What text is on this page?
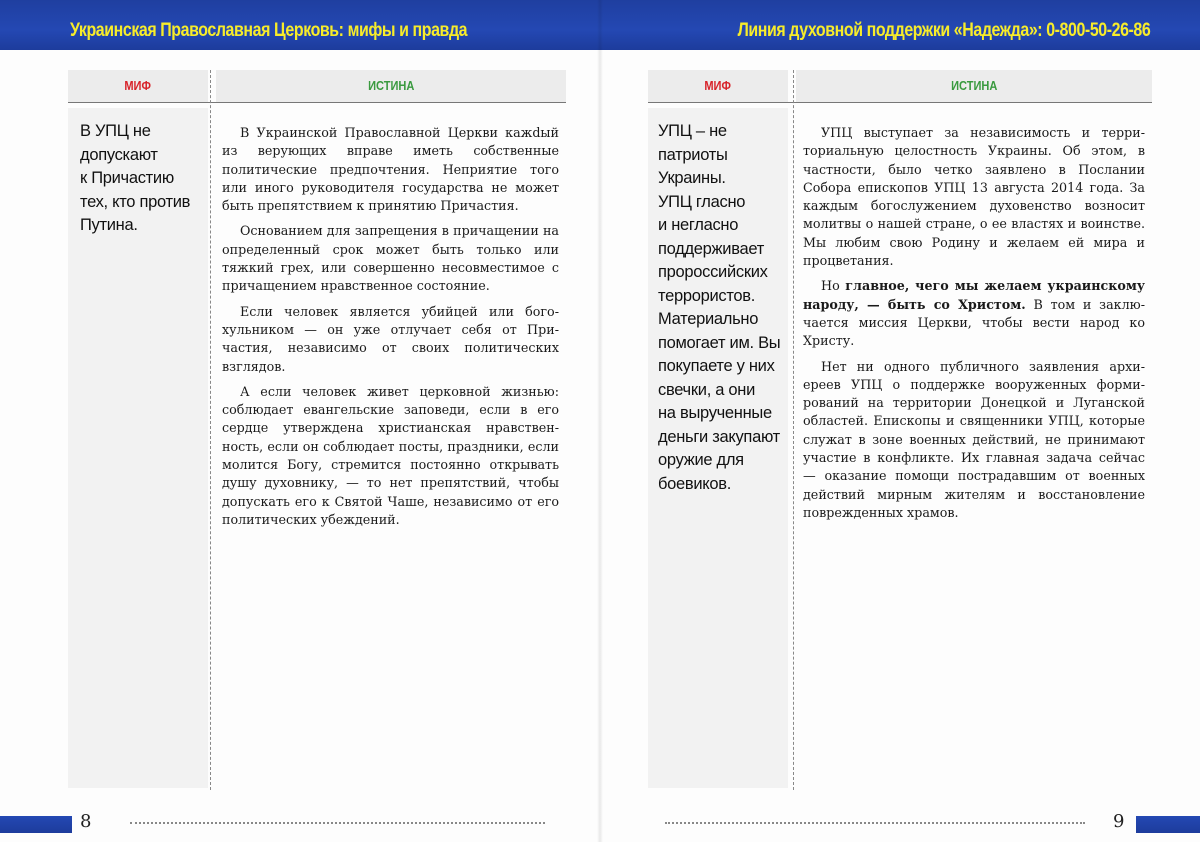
Украинская Православная Церковь: мифы и правда
МИФ	ИСТИНА
В УПЦ не
допускают
к Причастию
тех, кто против
Путина.

В Украинской Православной Церкви кажdый из верующих вправе иметь собственные политические предпочтения. Неприятие того или иного руководителя государства не может быть препятствием к принятию Причастия.

Основанием для запрещения в причащении на определенный срок может быть только или тяжкий грех, или совершенно несовместимое с причащением нравственное состояние.

Если человек является убийцей или богохульником — он уже отлучает себя от Причастия, независимо от своих политических взглядов.

А если человек живет церковной жизнью: соблюдает евангельские заповеди, если в его сердце утверждена христианская нравственность, если он соблюдает посты, праздники, если молится Богу, стремится постоянно открывать душу духовнику, — то нет препятствий, чтобы допускать его к Святой Чаше, независимо от его политических убеждений.

8
Линия духовной поддержки «Надежда»: 0-800-50-26-86
МИФ	ИСТИНА
УПЦ – не
патриоты
Украины.
УПЦ гласно
и негласно
поддерживает
пророссийских
террористов.
Материально
помогает им. Вы
покупаете у них
свечки, а они
на вырученные
деньги закупают
оружие для
боевиков.

УПЦ выступает за независимость и территориальную целостность Украины. Об этом, в частности, было четко заявлено в Послании Собора епископов УПЦ 13 августа 2014 года. За каждым богослужением духовенство возносит молитвы о нашей стране, о ее властях и воинстве. Мы любим свою Родину и желаем ей мира и процветания.

Но главное, чего мы желаем украинскому народу, — быть со Христом. В том и заключается миссия Церкви, чтобы вести народ ко Христу.

Нет ни одного публичного заявления архиереев УПЦ о поддержке вооруженных формирований на территории Донецкой и Луганской областей. Епископы и священники УПЦ, которые служат в зоне военных действий, не принимают участие в конфликте. Их главная задача сейчас — оказание помощи пострадавшим от военных действий мирным жителям и восстановление поврежденных храмов.

9
